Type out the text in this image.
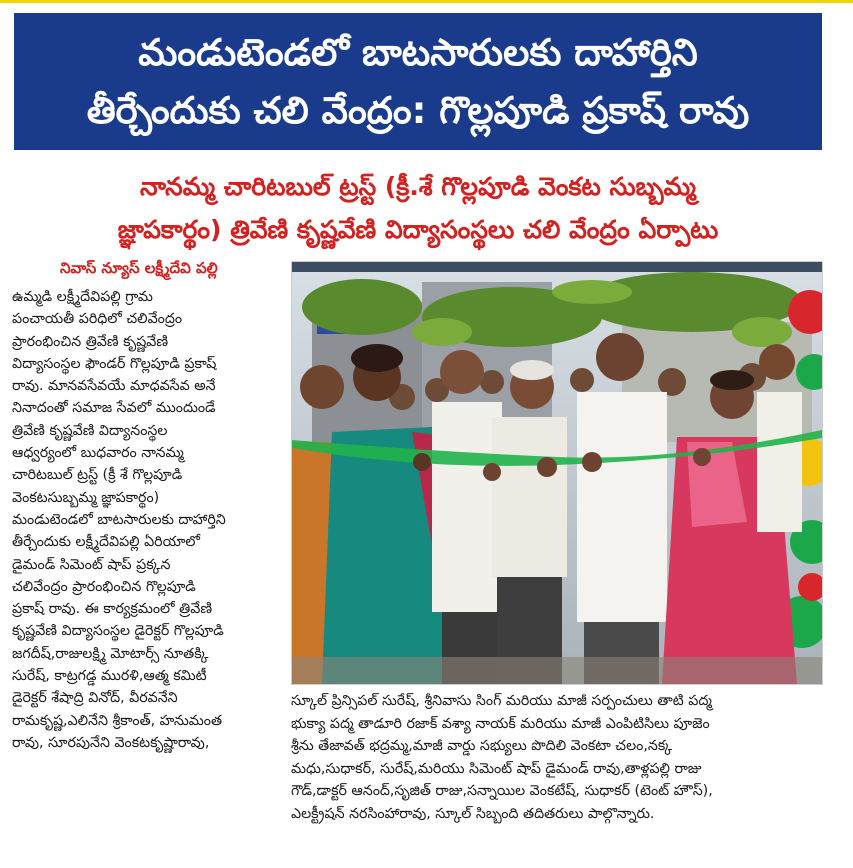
మండుటెండలో బాటసారులకు దాహార్తిని
తీర్చేందుకు చలి వేంద్రం: గొల్లపూడి ప్రకాష్ రావు
నానమ్మ చారిటబుల్ ట్రస్ట్ (క్రీ.శే గొల్లపూడి వెంకట సుబ్బమ్మ
జ్ఞాపకార్థం) త్రివేణి కృష్ణవేణి విద్యాసంస్థలు చలి వేంద్రం ఏర్పాటు
నివాస్ న్యూస్ లక్ష్మీదేవి పల్లి
ఉమ్మడి లక్ష్మీదేవిపల్లి గ్రామ
పంచాయతీ పరిధిలో చలివేంద్రం
ప్రారంభించిన త్రివేణి కృష్ణవేణి
విద్యాసంస్థల ఫౌండర్ గొల్లపూడి ప్రకాష్
రావు. మానవసేవయే మాధవసేవ అనే
నినాదంతో సమాజ సేవలో ముందుండే
త్రివేణి కృష్ణవేణి విద్యానంస్థల
ఆధ్వర్యంలో బుధవారం నానమ్మ
చారిటబుల్ ట్రస్ట్ (క్రీ శే గొల్లపూడి
వెంకటసుబ్బమ్మ జ్ఞాపకార్థం)
మండుటెండలో బాటసారులకు దాహార్తిని
తీర్చేందుకు లక్ష్మీదేవిపల్లి ఏరియాలో
డైమండ్ సిమెంట్ షాప్ ప్రక్కన
చలివేంద్రం ప్రారంభించిన గొల్లపూడి
ప్రకాష్ రావు. ఈ కార్యక్రమంలో త్రివేణి
కృష్ణవేణి విద్యాసంస్థల డైరెక్టర్ గొల్లపూడి
జగదీష్,రాజులక్ష్మి మోటార్స్ నూతక్కి
సురేష్, కాట్రగడ్డ మురళి,ఆత్మ కమిటీ
డైరెక్టర్ శేషాద్రి వినోద్, వీరవనేని
రామకృష్ణ,ఎలినేని శ్రీకాంత్, హనుమంత
రావు, సూరపునేని వెంకటకృష్ణారావు,
స్కూల్ ప్రిన్సిపల్ సురేష్, శ్రీనివాసు సింగ్ మరియు మాజీ సర్పంచులు తాటి పద్మ
భుక్యా పద్మ తాడూరి రజాక్ వశ్యా నాయక్ మరియు మాజీ ఎంపిటిసిలు పూజెం
శ్రీను తేజావత్ భద్రమ్మ,మాజీ వార్డు సభ్యులు పొదిలి వెంకటా చలం,నక్క
మధు,సుధాకర్, సురేష్,మరియు సిమెంట్ షాప్ డైమండ్ రావు,తాళ్లపల్లి రాజు
గౌడ్,డాక్టర్ ఆనంద్,సృజిత్ రాజు,సన్నాయిల వెంకటేష్, సుధాకర్ (టెంట్ హౌస్),
ఎలక్ట్రీషన్ నరసింహారావు, స్కూల్ సిబ్బంది తదితరులు పాల్గొన్నారు.
